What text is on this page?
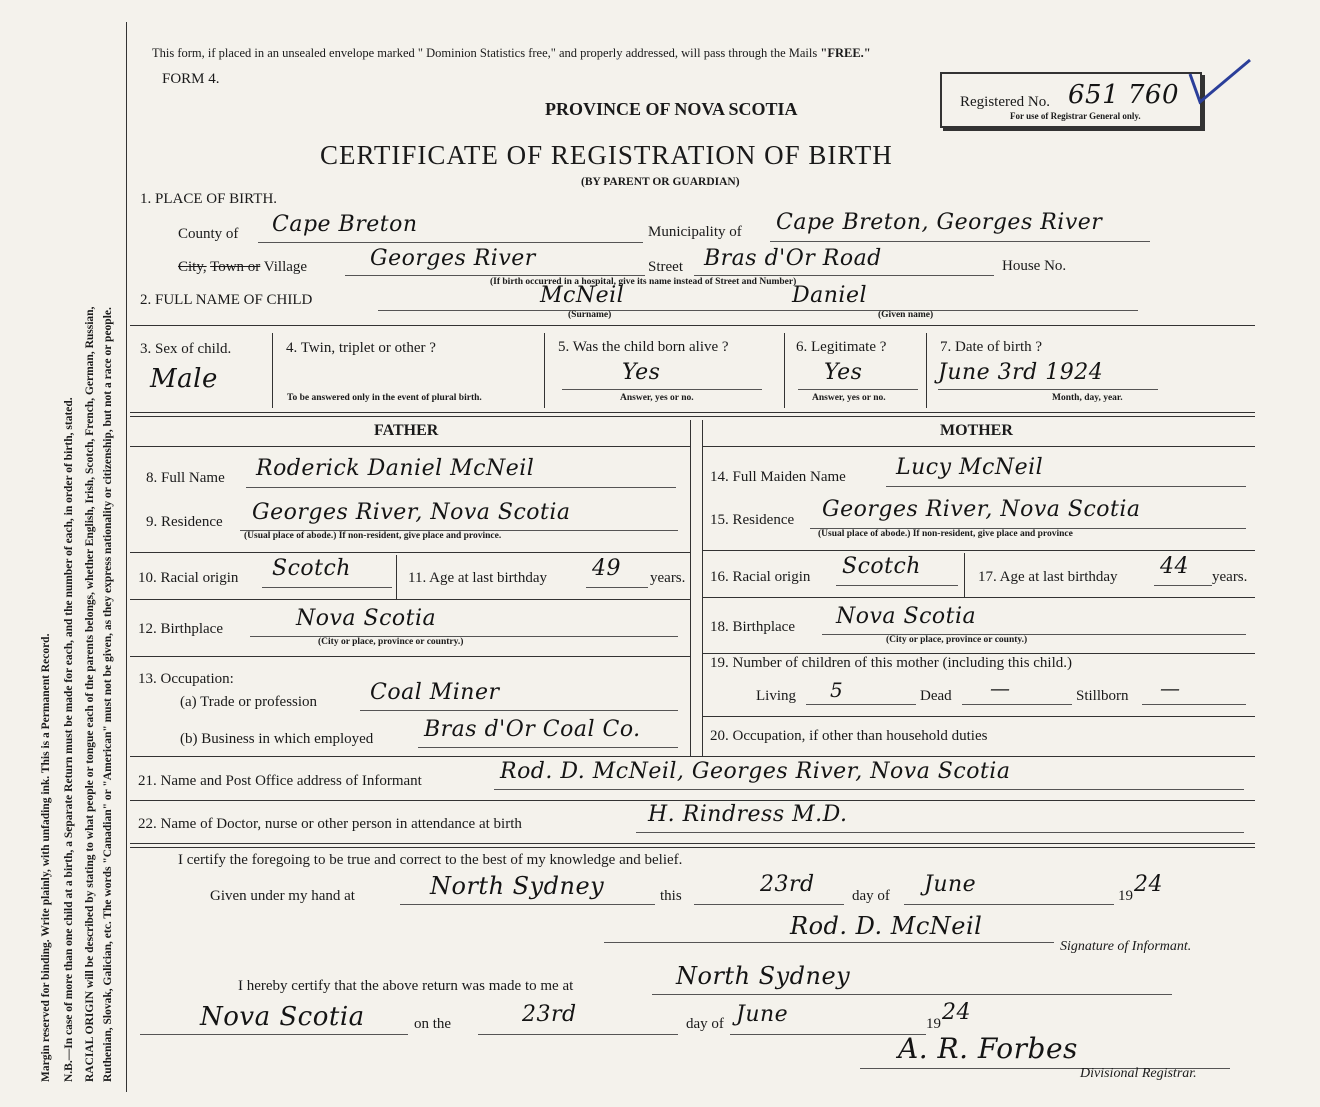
Margin reserved for binding. Write plainly, with unfading ink. This is a Permanent Record. N.B.—In case of more than one child at a birth, a Separate Return must be made for each, and the number of each, in order of birth, stated. RACIAL ORIGIN will be described by stating to what people or tongue each of the parents belongs, whether English, Irish, Scotch, French, German, Russian, Ruthenian, Slovak, Galician, etc. The words "Canadian" or "American" must not be given, as they express nationality or citizenship, but not a race or people.
This form, if placed in an unsealed envelope marked " Dominion Statistics free," and properly addressed, will pass through the Mails "FREE."
FORM 4.
PROVINCE OF NOVA SCOTIA
CERTIFICATE OF REGISTRATION OF BIRTH
(BY PARENT OR GUARDIAN)
Registered No. 651 760
For use of Registrar General only.
1. PLACE OF BIRTH.
County of Cape Breton	Municipality of Cape Breton, Georges River
City, Town or Village	Georges River
(If birth occurred in a hospital, give its name instead of Street and Number)
Street Bras d'Or Road	House No.
2. FULL NAME OF CHILD	McNeil
(Surname)
Daniel
(Given name)
3. Sex of child.
Male
4. Twin, triplet or other ?
To be answered only in the event of plural birth.
5. Was the child born alive ?
Yes
Answer, yes or no.
6. Legitimate ?
Yes
Answer, yes or no.
7. Date of birth ?
June 3rd 1924
Month, day, year.
FATHER
8. Full Name Roderick Daniel McNeil
9. Residence Georges River, Nova Scotia
(Usual place of abode.) If non-resident, give place and province.
10. Racial origin Scotch	11. Age at last birthday 49 years.
12. Birthplace	Nova Scotia
(City or place, province or country.)
13. Occupation:
(a) Trade or profession Coal Miner
(b) Business in which employed Bras d'Or Coal Co.
MOTHER
14. Full Maiden Name Lucy McNeil
15. Residence Georges River, Nova Scotia
(Usual place of abode.) If non-resident, give place and province
16. Racial origin Scotch	17. Age at last birthday 44 years.
18. Birthplace Nova Scotia
(City or place, province or county.)
19. Number of children of this mother (including this child.)
Living 5	Dead —	Stillborn —
20. Occupation, if other than household duties
21. Name and Post Office address of Informant	Rod. D. McNeil, Georges River, Nova Scotia
22. Name of Doctor, nurse or other person in attendance at birth	H. Rindress M.D.
I certify the foregoing to be true and correct to the best of my knowledge and belief.
Given under my hand at	North Sydney	this	23rd day of June	19 24
Rod. D. McNeil
Signature of Informant.
I hereby certify that the above return was made to me at	North Sydney
Nova Scotia	on the	23rd	day of June	19 24
A. R. Forbes
Divisional Registrar.
